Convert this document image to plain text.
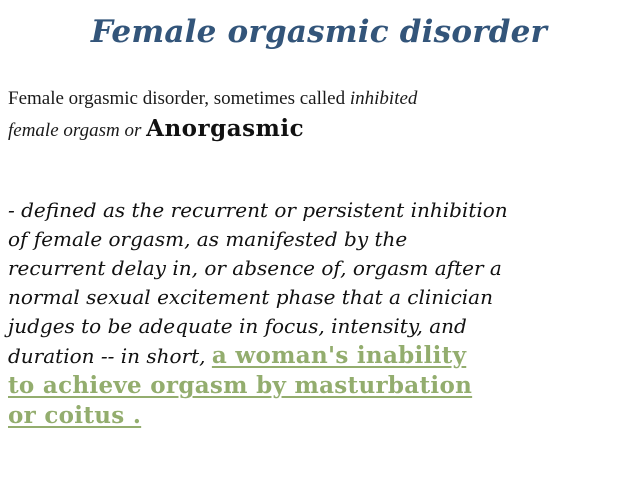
Female orgasmic disorder
Female orgasmic disorder, sometimes called inhibited
female orgasm or Anorgasmic
- defined as the recurrent or persistent inhibition
of female orgasm, as manifested by the
recurrent delay in, or absence of, orgasm after a
normal sexual excitement phase that a clinician
judges to be adequate in focus, intensity, and
duration -- in short, a woman's inability
to achieve orgasm by masturbation
or coitus .
